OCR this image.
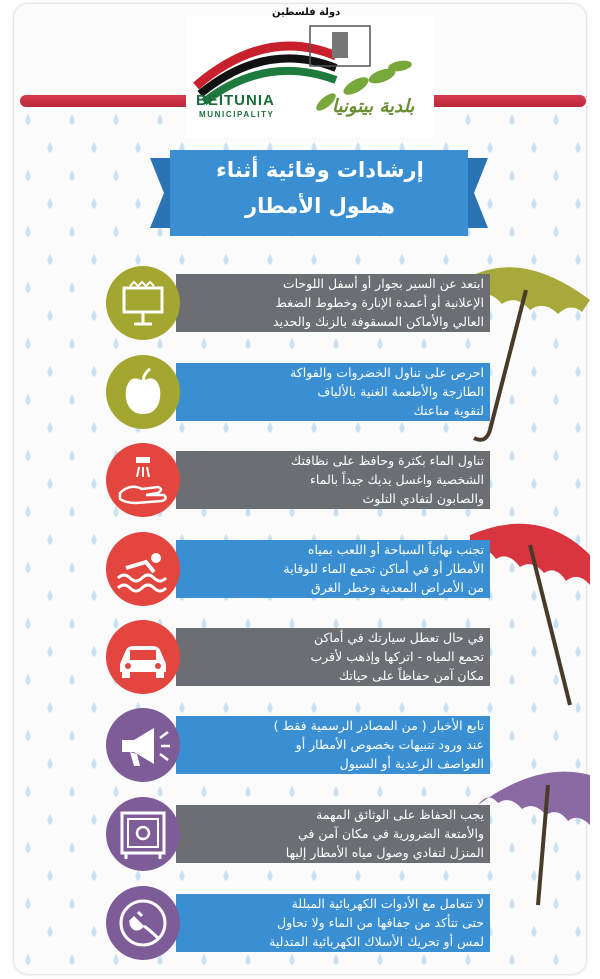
دولة فلسطين
BEITUNIA
MUNICIPALITY	بلدية بيتونيا
إرشادات وقائية أثناء
هطول الأمطار
ابتعد عن السير بجوار أو أسفل اللوحات
الإعلانية أو أعمدة الإنارة وخطوط الضغط
العالي والأماكن المسقوفة بالزنك والحديد
احرص على تناول الخضروات والفواكة
الطازجة والأطعمة الغنية بالألياف
لتقوية مناعتك
تناول الماء بكثرة وحافظ على نظافتك
الشخصية واغسل يديك جيداً بالماء
والصابون لتفادي التلوث
تجنب نهائياً السباحة أو اللعب بمياه
الأمطار أو في أماكن تجمع الماء للوقاية
من الأمراض المعدية وخطر الغرق
في حال تعطل سيارتك في أماكن
تجمع المياه - اتركها وإذهب لأقرب
مكان آمن حفاظاً على حياتك
تابع الأخبار ( من المصادر الرسمية فقط )
عند ورود تنبيهات بخصوص الأمطار أو
العواصف الرعدية أو السيول
يجب الحفاظ على الوثائق المهمة
والأمتعة الضرورية في مكان آمن في
المنزل لتفادي وصول مياه الأمطار إليها
لا تتعامل مع الأدوات الكهربائية المبللة
حتى تتأكد من جفافها من الماء ولا تحاول
لمس أو تحريك الأسلاك الكهربائية المتدلية
